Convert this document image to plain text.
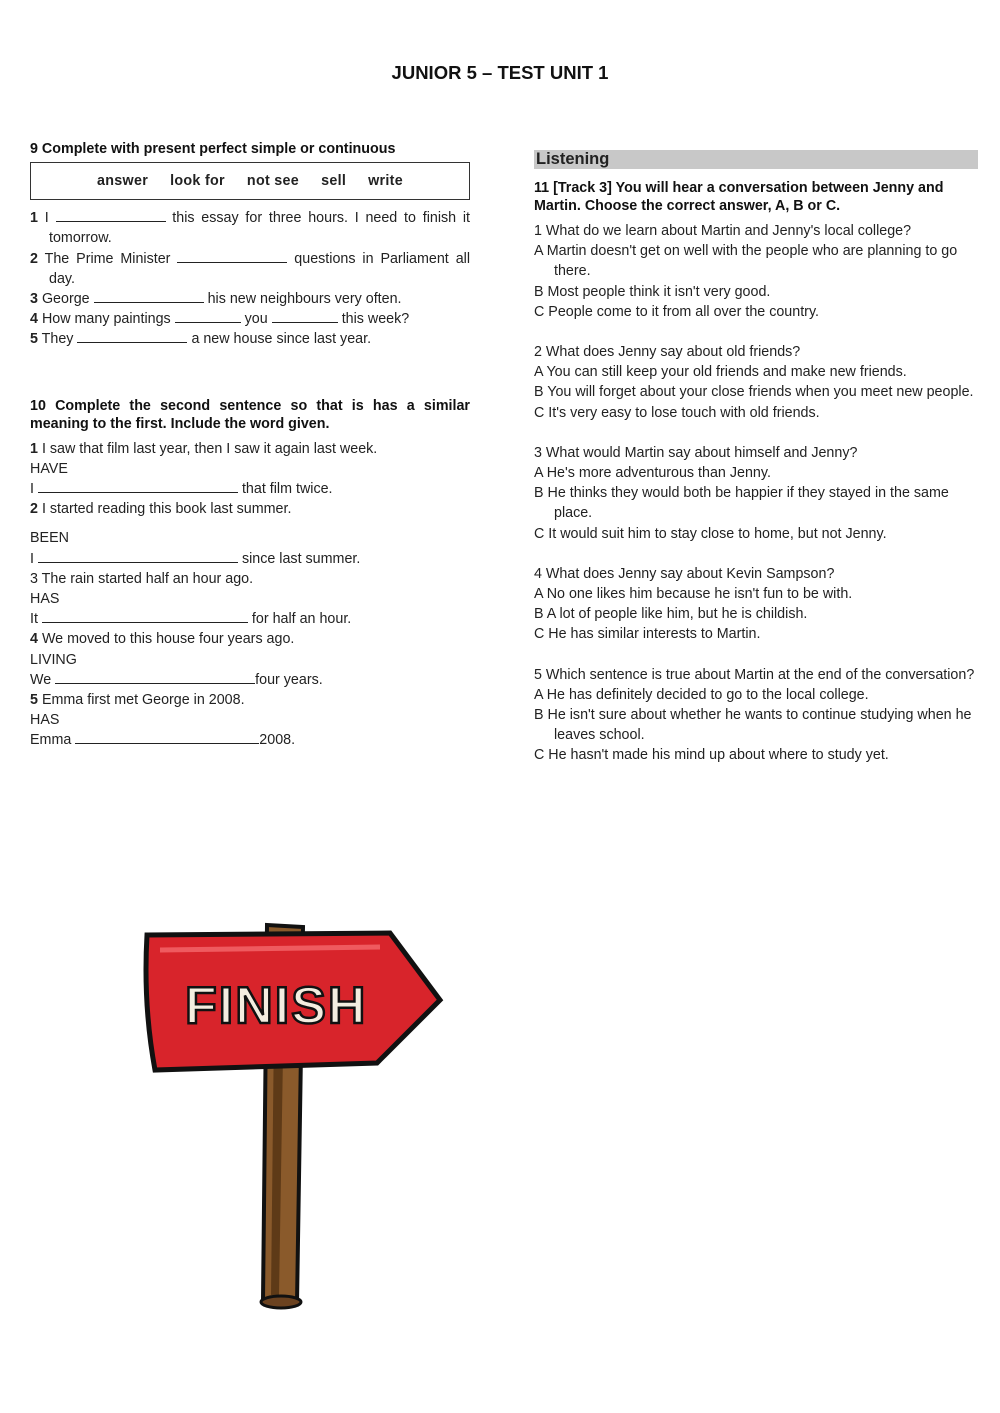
JUNIOR 5 – TEST UNIT 1
9 Complete with present perfect simple or continuous
answer look for not see sell write
1 I	this essay for three hours. I need to finish it tomorrow.
2 The Prime Minister	questions in Parliament all day.
3 George	his new neighbours very often.
4 How many paintings	you	this week?
5 They	a new house since last year.
10 Complete the second sentence so that is has a similar meaning to the first. Include the word given.
1 I saw that film last year, then I saw it again last week.
HAVE
I	that film twice.
2 I started reading this book last summer.
BEEN
I	since last summer.
3 The rain started half an hour ago.
HAS
It	for half an hour.
4 We moved to this house four years ago.
LIVING
We	four years.
5 Emma first met George in 2008.
HAS
Emma	2008.
Listening
11 [Track 3] You will hear a conversation between Jenny and Martin. Choose the correct answer, A, B or C.
1 What do we learn about Martin and Jenny's local college?
A Martin doesn't get on well with the people who are planning to go there.
B Most people think it isn't very good.
C People come to it from all over the country.
2 What does Jenny say about old friends?
A You can still keep your old friends and make new friends.
B You will forget about your close friends when you meet new people.
C It's very easy to lose touch with old friends.
3 What would Martin say about himself and Jenny?
A He's more adventurous than Jenny.
B He thinks they would both be happier if they stayed in the same place.
C It would suit him to stay close to home, but not Jenny.
4 What does Jenny say about Kevin Sampson?
A No one likes him because he isn't fun to be with.
B A lot of people like him, but he is childish.
C He has similar interests to Martin.
5 Which sentence is true about Martin at the end of the conversation?
A He has definitely decided to go to the local college.
B He isn't sure about whether he wants to continue studying when he leaves school.
C He hasn't made his mind up about where to study yet.
FINISH
